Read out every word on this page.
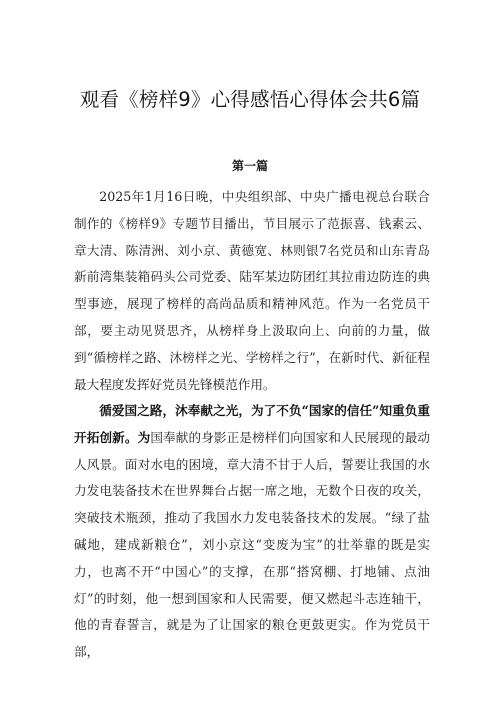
观看《榜样9》心得感悟心得体会共6篇
第一篇

2025年1月16日晚，中央组织部、中央广播电视总台联合制作的《榜样9》专题节目播出，节目展示了范振喜、钱素云、章大清、陈清洲、刘小京、黄德宽、林则银7名党员和山东青岛新前湾集装箱码头公司党委、陆军某边防团红其拉甫边防连的典型事迹，展现了榜样的高尚品质和精神风范。作为一名党员干部，要主动见贤思齐，从榜样身上汲取向上、向前的力量，做到“循榜样之路、沐榜样之光、学榜样之行”，在新时代、新征程最大程度发挥好党员先锋模范作用。

循爱国之路，沐奉献之光，为了不负“国家的信任”知重负重开拓创新。为国奉献的身影正是榜样们向国家和人民展现的最动人风景。面对水电的困境，章大清不甘于人后，誓要让我国的水力发电装备技术在世界舞台占据一席之地，无数个日夜的攻关，突破技术瓶颈，推动了我国水力发电装备技术的发展。“绿了盐碱地，建成新粮仓”，刘小京这“变废为宝”的壮举靠的既是实力，也离不开“中国心”的支撑，在那“搭窝棚、打地铺、点油灯”的时刻，他一想到国家和人民需要，便又燃起斗志连轴干，他的青春誓言，就是为了让国家的粮仓更鼓更实。作为党员干部，
